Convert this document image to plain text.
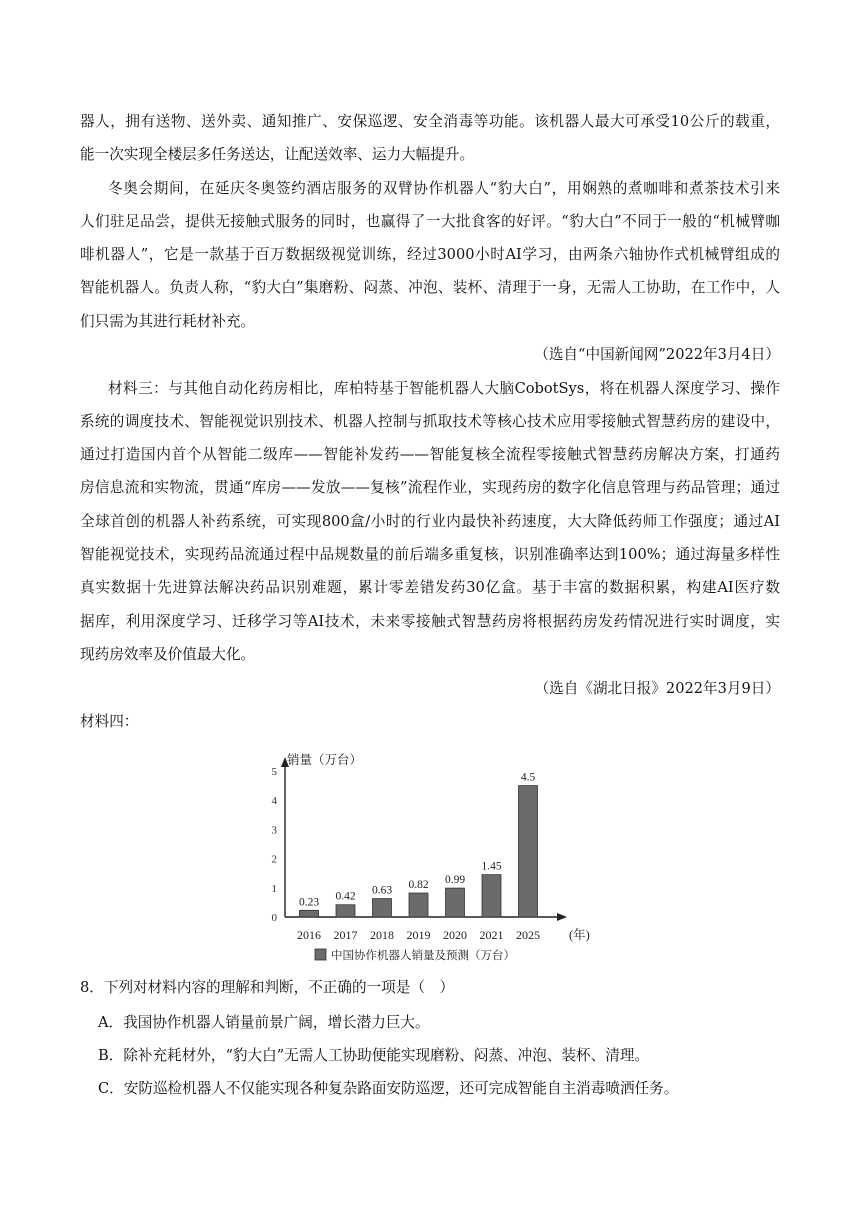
器人，拥有送物、送外卖、通知推广、安保巡逻、安全消毒等功能。该机器人最大可承受10公斤的载重，
能一次实现全楼层多任务送达，让配送效率、运力大幅提升。
冬奥会期间，在延庆冬奥签约酒店服务的双臂协作机器人“豹大白”，用娴熟的煮咖啡和煮茶技术引来
人们驻足品尝，提供无接触式服务的同时，也赢得了一大批食客的好评。“豹大白”不同于一般的“机械臂咖
啡机器人”，它是一款基于百万数据级视觉训练，经过3000小时AI学习，由两条六轴协作式机械臂组成的
智能机器人。负责人称，“豹大白”集磨粉、闷蒸、冲泡、装杯、清理于一身，无需人工协助，在工作中，人
们只需为其进行耗材补充。
（选自“中国新闻网”2022年3月4日）
材料三：与其他自动化药房相比，库柏特基于智能机器人大脑CobotSys，将在机器人深度学习、操作
系统的调度技术、智能视觉识别技术、机器人控制与抓取技术等核心技术应用零接触式智慧药房的建设中，
通过打造国内首个从智能二级库——智能补发药——智能复核全流程零接触式智慧药房解决方案，打通药
房信息流和实物流，贯通“库房——发放——复核”流程作业，实现药房的数字化信息管理与药品管理；通过
全球首创的机器人补药系统，可实现800盒/小时的行业内最快补药速度，大大降低药师工作强度；通过AI
智能视觉技术，实现药品流通过程中品规数量的前后端多重复核，识别准确率达到100%；通过海量多样性
真实数据十先进算法解决药品识别难题，累计零差错发药30亿盒。基于丰富的数据积累，构建AI医疗数
据库，利用深度学习、迁移学习等AI技术，未来零接触式智慧药房将根据药房发药情况进行实时调度，实
现药房效率及价值最大化。
（选自《湖北日报》2022年3月9日）
材料四：
销量（万台）
(年)
0
1
2
3
4
5
0.23
2016
0.42
2017
0.63
2018
0.82
2019
0.99
2020
1.45
2021
4.5
2025
中国协作机器人销量及预测（万台）
8．下列对材料内容的理解和判断，不正确的一项是（　）
A．我国协作机器人销量前景广阔，增长潜力巨大。
B．除补充耗材外，“豹大白”无需人工协助便能实现磨粉、闷蒸、冲泡、装杯、清理。
C．安防巡检机器人不仅能实现各种复杂路面安防巡逻，还可完成智能自主消毒喷洒任务。
